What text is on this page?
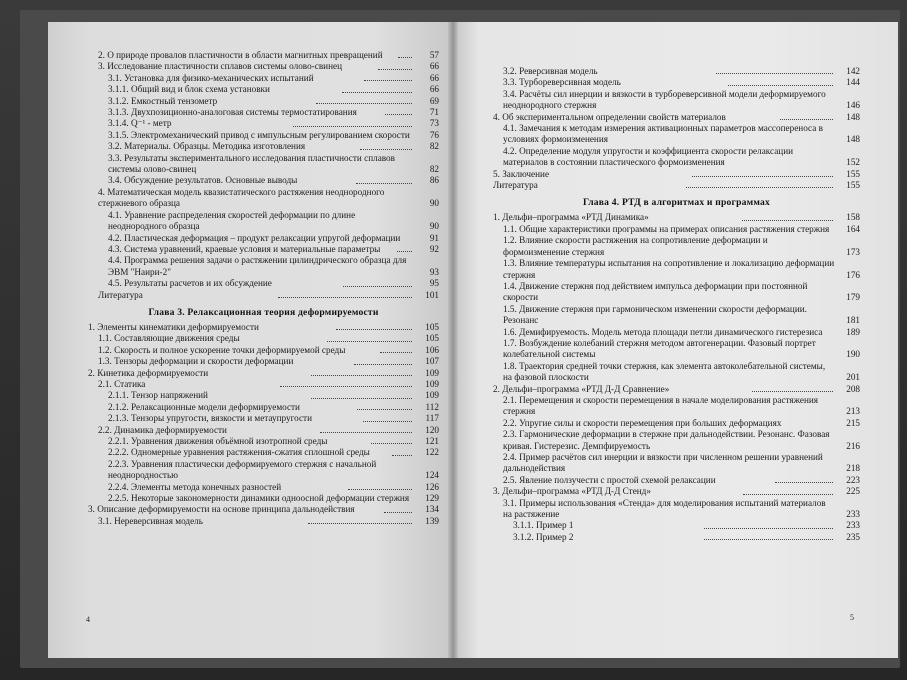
2. О природе провалов пластичности в области магнитных превращений	57
3. Исследование пластичности сплавов системы олово-свинец	66
3.1. Установка для физико-механических испытаний	66
3.1.1. Общий вид и блок схема установки	66
3.1.2. Емкостный тензометр	69
3.1.3. Двухпозиционно-аналоговая системы термостатирования	71
3.1.4. Q⁻¹ - метр	73
3.1.5. Электромеханический привод с импульсным регулированием скорости	76
3.2. Материалы. Образцы. Методика изготовления	82
3.3. Результаты экспериментального исследования пластичности сплавов системы олово-свинец	82
3.4. Обсуждение результатов. Основные выводы	86
4. Математическая модель квазистатического растяжения неоднородного стержневого образца	90
4.1. Уравнение распределения скоростей деформации по длине неоднородного образца	90
4.2. Пластическая деформация – продукт релаксации упругой деформации	91
4.3. Система уравнений, краевые условия и материальные параметры	92
4.4. Программа решения задачи о растяжении цилиндрического образца для ЭВМ "Наири-2"	93
4.5. Результаты расчетов и их обсуждение	95
Литература	101
Глава 3. Релаксационная теория деформируемости
1. Элементы кинематики деформируемости	105
1.1. Составляющие движения среды	105
1.2. Скорость и полное ускорение точки деформируемой среды	106
1.3. Тензоры деформации и скорости деформации	107
2. Кинетика деформируемости	109
2.1. Статика	109
2.1.1. Тензор напряжений	109
2.1.2. Релаксационные модели деформируемости	112
2.1.3. Тензоры упругости, вязкости и метаупругости	117
2.2. Динамика деформируемости	120
2.2.1. Уравнения движения объёмной изотропной среды	121
2.2.2. Одномерные уравнения растяжения-сжатия сплошной среды	122
2.2.3. Уравнения пластически деформируемого стержня с начальной неоднородностью	124
2.2.4. Элементы метода конечных разностей	126
2.2.5. Некоторые закономерности динамики одноосной деформации стержня	129
3. Описание деформируемости на основе принципа дальнодействия	134
3.1. Нереверсивная модель	139
4
3.2. Реверсивная модель	142
3.3. Турбореверсивная модель	144
3.4. Расчёты сил инерции и вязкости в турбореверсивной модели деформируемого неоднородного стержня	146
4. Об экспериментальном определении свойств материалов	148
4.1. Замечания к методам измерения активационных параметров массопереноса в условиях формоизменения	148
4.2. Определение модуля упругости и коэффициента скорости релаксации материалов в состоянии пластического формоизменения	152
5. Заключение	155
Литература	155
Глава 4. РТД в алгоритмах и программах
1. Дельфи–программа «РТД Динамика»	158
1.1. Общие характеристики программы на примерах описания растяжения стержня	164
1.2. Влияние скорости растяжения на сопротивление деформации и формоизменение стержня	173
1.3. Влияние температуры испытания на сопротивление и локализацию деформации стержня	176
1.4. Движение стержня под действием импульса деформации при постоянной скорости	179
1.5. Движение стержня при гармоническом изменении скорости деформации. Резонанс	181
1.6. Демифируемость. Модель метода площади петли динамического гистерезиса	189
1.7. Возбуждение колебаний стержня методом автогенерации. Фазовый портрет колебательной системы	190
1.8. Траектория средней точки стержня, как элемента автоколебательной системы, на фазовой плоскости	201
2. Дельфи–программа «РТД Д-Д Сравнение»	208
2.1. Перемещения и скорости перемещения в начале моделирования растяжения стержня	213
2.2. Упругие силы и скорости перемещения при больших деформациях	215
2.3. Гармонические деформации в стержне при дальнодействии. Резонанс. Фазовая кривая. Гистерезис. Демпфируемость	216
2.4. Пример расчётов сил инерции и вязкости при численном решении уравнений дальнодействия	218
2.5. Явление ползучести с простой схемой релаксации	223
3. Дельфи–программа «РТД Д-Д Стенд»	225
3.1. Примеры использования «Стенда» для моделирования испытаний материалов на растяжение	233
3.1.1. Пример 1	233
3.1.2. Пример 2	235
5
